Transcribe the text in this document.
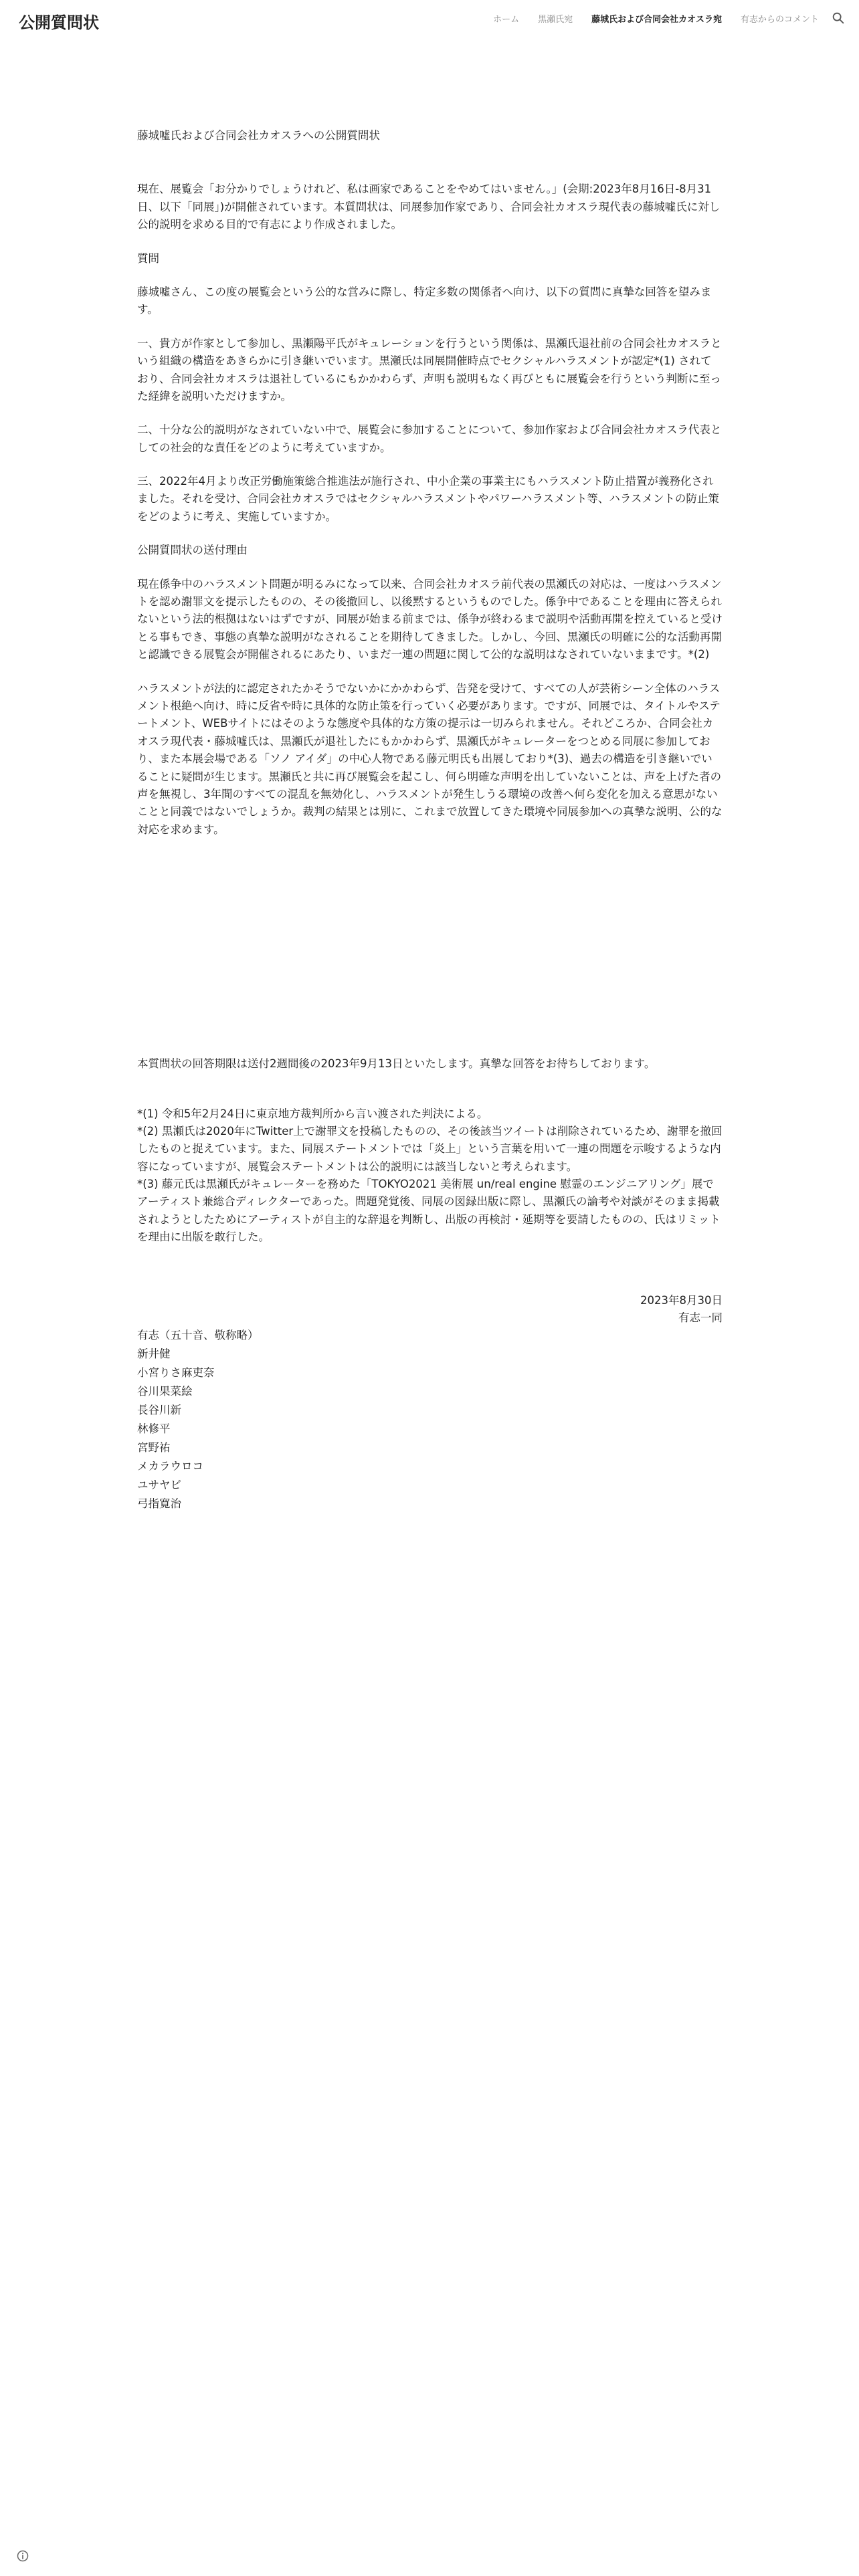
公開質問状	ホーム 黒瀬氏宛 藤城氏および合同会社カオスラ宛 有志からのコメント

藤城噓氏および合同会社カオスラへの公開質問状

現在、展覧会「お分かりでしょうけれど、私は画家であることをやめてはいません。」(会期:2023年8月16日-8月31日、以下「同展」)が開催されています。本質問状は、同展参加作家であり、合同会社カオスラ現代表の藤城噓氏に対し公的説明を求める目的で有志により作成されました。

質問

藤城噓さん、この度の展覧会という公的な営みに際し、特定多数の関係者へ向け、以下の質問に真摯な回答を望みます。

一、貴方が作家として参加し、黒瀬陽平氏がキュレーションを行うという関係は、黒瀬氏退社前の合同会社カオスラという組織の構造をあきらかに引き継いでいます。黒瀬氏は同展開催時点でセクシャルハラスメントが認定*(1) されており、合同会社カオスラは退社しているにもかかわらず、声明も説明もなく再びともに展覧会を行うという判断に至った経緯を説明いただけますか。

二、十分な公的説明がなされていない中で、展覧会に参加することについて、参加作家および合同会社カオスラ代表としての社会的な責任をどのように考えていますか。

三、2022年4月より改正労働施策総合推進法が施行され、中小企業の事業主にもハラスメント防止措置が義務化されました。それを受け、合同会社カオスラではセクシャルハラスメントやパワーハラスメント等、ハラスメントの防止策をどのように考え、実施していますか。

公開質問状の送付理由

現在係争中のハラスメント問題が明るみになって以来、合同会社カオスラ前代表の黒瀬氏の対応は、一度はハラスメントを認め謝罪文を提示したものの、その後撤回し、以後黙するというものでした。係争中であることを理由に答えられないという法的根拠はないはずですが、同展が始まる前までは、係争が終わるまで説明や活動再開を控えていると受けとる事もでき、事態の真摯な説明がなされることを期待してきました。しかし、今回、黒瀬氏の明確に公的な活動再開と認識できる展覧会が開催されるにあたり、いまだ一連の問題に関して公的な説明はなされていないままです。*(2)

ハラスメントが法的に認定されたかそうでないかにかかわらず、告発を受けて、すべての人が芸術シーン全体のハラスメント根絶へ向け、時に反省や時に具体的な防止策を行っていく必要があります。ですが、同展では、タイトルやステートメント、WEBサイトにはそのような態度や具体的な方策の提示は一切みられません。それどころか、合同会社カオスラ現代表・藤城噓氏は、黒瀬氏が退社したにもかかわらず、黒瀬氏がキュレーターをつとめる同展に参加しており、また本展会場である「ソノ アイダ」の中心人物である藤元明氏も出展しており*(3)、過去の構造を引き継いでいることに疑問が生じます。黒瀬氏と共に再び展覧会を起こし、何ら明確な声明を出していないことは、声を上げた者の声を無視し、3年間のすべての混乱を無効化し、ハラスメントが発生しうる環境の改善へ何ら変化を加える意思がないことと同義ではないでしょうか。裁判の結果とは別に、これまで放置してきた環境や同展参加への真摯な説明、公的な対応を求めます。

本質問状の回答期限は送付2週間後の2023年9月13日といたします。真摯な回答をお待ちしております。

*(1) 令和5年2月24日に東京地方裁判所から言い渡された判決による。

*(2) 黒瀬氏は2020年にTwitter上で謝罪文を投稿したものの、その後該当ツイートは削除されているため、謝罪を撤回したものと捉えています。また、同展ステートメントでは「炎上」という言葉を用いて一連の問題を示唆するような内容になっていますが、展覧会ステートメントは公的説明には該当しないと考えられます。

*(3) 藤元氏は黒瀬氏がキュレーターを務めた「TOKYO2021 美術展 un/real engine 慰霊のエンジニアリング」展でアーティスト兼総合ディレクターであった。問題発覚後、同展の図録出版に際し、黒瀬氏の論考や対談がそのまま掲載されようとしたためにアーティストが自主的な辞退を判断し、出版の再検討・延期等を要請したものの、氏はリミットを理由に出版を敢行した。

2023年8月30日

有志一同

有志（五十音、敬称略）

新井健

小宮りさ麻吏奈

谷川果菜絵

長谷川新

林修平

宮野祐

メカラウロコ

ユサヤビ

弓指寛治
